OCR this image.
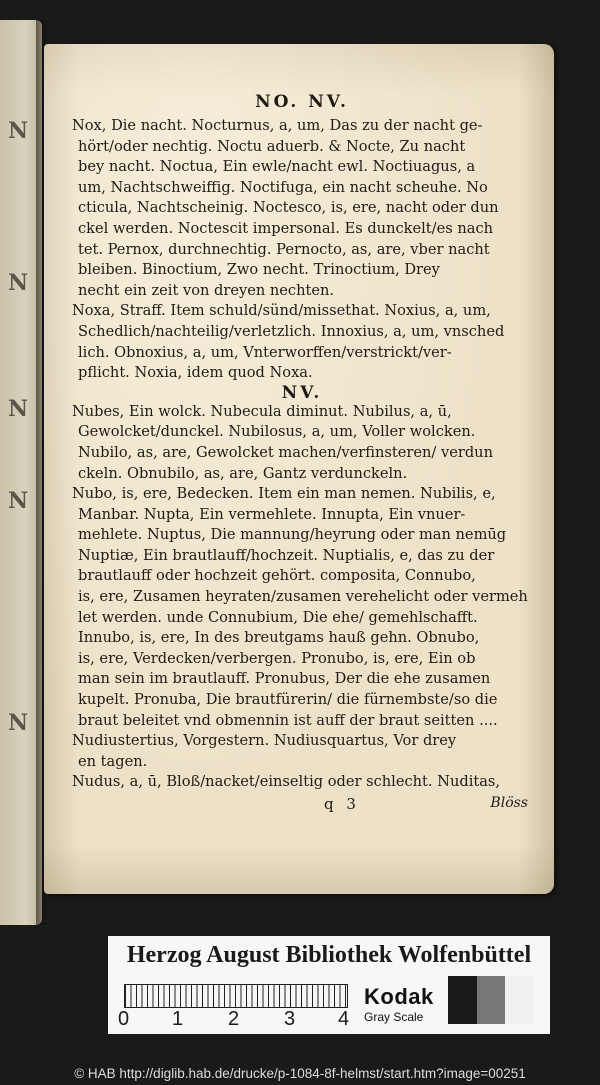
N
N
N
N
N
NO. NV.
Nox, Die nacht. Nocturnus, a, um, Das zu der nacht ge-
hört/oder nechtig. Noctu aduerb. & Nocte, Zu nacht
bey nacht. Noctua, Ein ewle/nacht ewl. Noctiuagus, a
um, Nachtschweiffig. Noctifuga, ein nacht scheuhe. No
cticula, Nachtscheinig. Noctesco, is, ere, nacht oder dun
ckel werden. Noctescit impersonal. Es dunckelt/es nach
tet. Pernox, durchnechtig. Pernocto, as, are, vber nacht
bleiben. Binoctium, Zwo necht. Trinoctium, Drey
necht ein zeit von dreyen nechten.
Noxa, Straff. Item schuld/sünd/missethat. Noxius, a, um,
Schedlich/nachteilig/verletzlich. Innoxius, a, um, vnsched
lich. Obnoxius, a, um, Vnterworffen/verstrickt/ver-
pflicht. Noxia, idem quod Noxa.
NV.
Nubes, Ein wolck. Nubecula diminut. Nubilus, a, ū,
Gewolcket/dunckel. Nubilosus, a, um, Voller wolcken.
Nubilo, as, are, Gewolcket machen/verfinsteren/ verdun
ckeln. Obnubilo, as, are, Gantz verdunckeln.
Nubo, is, ere, Bedecken. Item ein man nemen. Nubilis, e,
Manbar. Nupta, Ein vermehlete. Innupta, Ein vnuer-
mehlete. Nuptus, Die mannung/heyrung oder man nemūg
Nuptiæ, Ein brautlauff/hochzeit. Nuptialis, e, das zu der
brautlauff oder hochzeit gehört. composita, Connubo,
is, ere, Zusamen heyraten/zusamen verehelicht oder vermeh
let werden. unde Connubium, Die ehe/ gemehlschafft.
Innubo, is, ere, In des breutgams hauß gehn. Obnubo,
is, ere, Verdecken/verbergen. Pronubo, is, ere, Ein ob
man sein im brautlauff. Pronubus, Der die ehe zusamen
kupelt. Pronuba, Die brautfürerin/ die fürnembste/so die
braut beleitet vnd obmennin ist auff der braut seitten ....
Nudiustertius, Vorgestern. Nudiusquartus, Vor drey
en tagen.
Nudus, a, ū, Bloß/nacket/einseltig oder schlecht. Nuditas,
q 3	Blöss
Herzog August Bibliothek Wolfenbüttel
0 1 2 3 4
Kodak
Gray Scale
© HAB http://diglib.hab.de/drucke/p-1084-8f-helmst/start.htm?image=00251
